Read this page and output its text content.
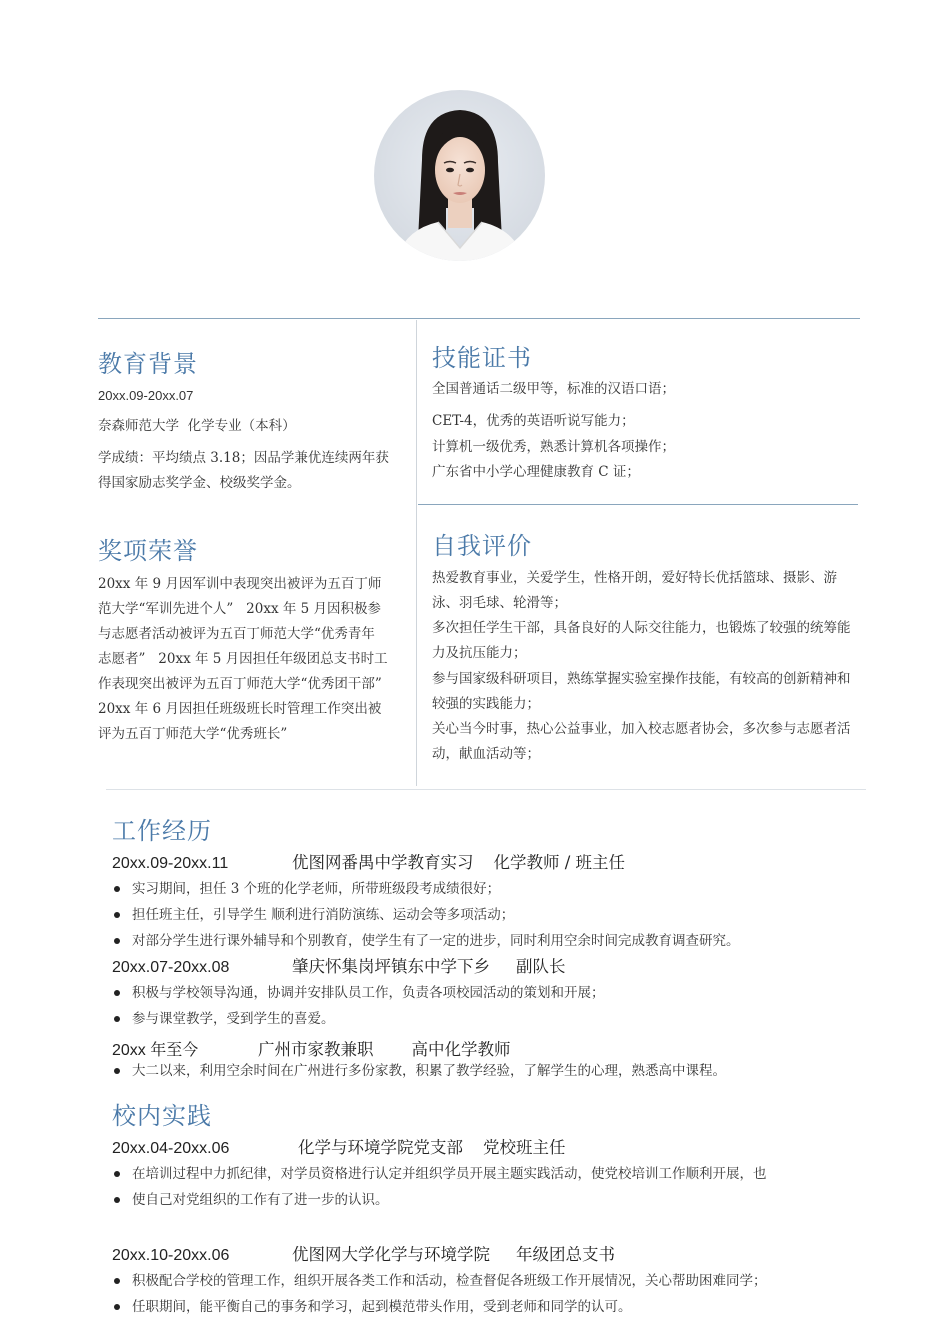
教育背景
20xx.09-20xx.07
奈森师范大学  化学专业（本科）
学成绩：平均绩点 3.18；因品学兼优连续两年获得国家励志奖学金、校级奖学金。
技能证书
全国普通话二级甲等，标准的汉语口语；
CET-4，优秀的英语听说写能力；
计算机一级优秀，熟悉计算机各项操作；
广东省中小学心理健康教育 C 证；
奖项荣誉
20xx 年 9 月因军训中表现突出被评为五百丁师范大学“军训先进个人”   20xx 年 5 月因积极参与志愿者活动被评为五百丁师范大学“优秀青年志愿者”   20xx 年 5 月因担任年级团总支书时工作表现突出被评为五百丁师范大学“优秀团干部”   20xx 年 6 月因担任班级班长时管理工作突出被评为五百丁师范大学“优秀班长”
自我评价
热爱教育事业，关爱学生，性格开朗，爱好特长优括篮球、摄影、游泳、羽毛球、轮滑等；
多次担任学生干部，具备良好的人际交往能力，也锻炼了较强的统筹能力及抗压能力；
参与国家级科研项目，熟练掌握实验室操作技能，有较高的创新精神和较强的实践能力；
关心当今时事，热心公益事业，加入校志愿者协会，多次参与志愿者活动，献血活动等；
工作经历
20xx.09-20xx.11	优图网番禺中学教育实习 化学教师 / 班主任
实习期间，担任 3 个班的化学老师，所带班级段考成绩很好；
担任班主任，引导学生 顺利进行消防演练、运动会等多项活动；
对部分学生进行课外辅导和个别教育，使学生有了一定的进步，同时利用空余时间完成教育调查研究。
20xx.07-20xx.08	肇庆怀集岗坪镇东中学下乡 副队长
积极与学校领导沟通，协调并安排队员工作，负责各项校园活动的策划和开展；
参与课堂教学，受到学生的喜爱。
20xx 年至今	广州市家教兼职 高中化学教师
大二以来，利用空余时间在广州进行多份家教，积累了教学经验，了解学生的心理，熟悉高中课程。
校内实践
20xx.04-20xx.06	化学与环境学院党支部 党校班主任
在培训过程中力抓纪律，对学员资格进行认定并组织学员开展主题实践活动，使党校培训工作顺利开展，也
使自己对党组织的工作有了进一步的认识。
20xx.10-20xx.06	优图网大学化学与环境学院 年级团总支书
积极配合学校的管理工作，组织开展各类工作和活动，检查督促各班级工作开展情况，关心帮助困难同学；
任职期间，能平衡自己的事务和学习，起到模范带头作用，受到老师和同学的认可。
